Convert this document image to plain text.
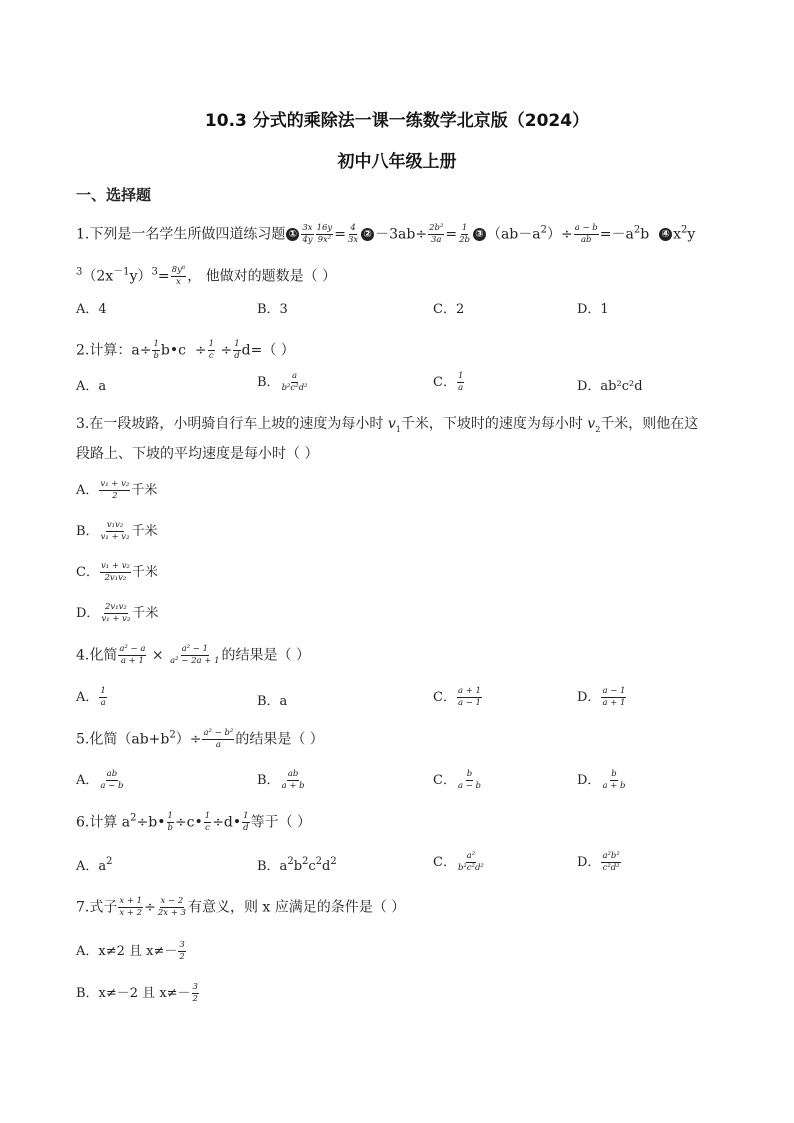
10.3 分式的乘除法一课一练数学北京版（2024）
初中八年级上册
一、选择题
1.下列是一名学生所做四道练习题 ① $\frac{3x}{4y} \frac{16y}{\text{9x²}} = \frac{4}{3x}$ ② $-3ab\div \frac{\text{2b²}}{3a} = \frac{1}{2b}$ ③ $(ab-a^2)\div \frac{a - b}{ab} =-a^2b$ ④ $x^2y$
$^3(2x^{-1}y)^3= \frac{\text{8y⁶}}{x}$ ， 他做对的题数是（ ）
A．4	B．3	C．2	D．1
2.计算：$a\div \frac{1}{b}$ b•c ÷ $\frac{1}{c} \div \frac{1}{d} d=$（ ）
A．a	B． $\frac{a}{\text{b²c²d²}}$	C． $\frac{1}{a}$	D．ab²c²d
3.在一段坡路，小明骑自行车上坡的速度为每小时 $v_1$千米，下坡时的速度为每小时 $v_2$千米，则他在这
段路上、下坡的平均速度是每小时（ ）
A． $\frac{\text{v₁ + v₂}}{2}$ 千米
B． $\frac{\text{v₁v₂}}{\text{v₁ + v₂}}$ 千米
C． $\frac{\text{v₁ + v₂}}{\text{2v₁v₂}}$ 千米
D． $\frac{\text{2v₁v₂}}{\text{v₁ + v₂}}$ 千米
4.化简 $\frac{\text{a² − a}}{a + 1} \times \frac{\text{a² − 1}}{\text{a² − 2a + 1}}$ 的结果是（ ）
A． $\frac{1}{a}$	B．a	C． $\frac{a + 1}{a - 1}$	D． $\frac{a - 1}{a + 1}$
5.化简$(ab+b^2)\div \frac{\text{a² − b²}}{a}$ 的结果是（ ）
A． $\frac{ab}{a - b}$	B． $\frac{ab}{a + b}$	C． $\frac{b}{a - b}$	D． $\frac{b}{a + b}$
6.计算 $a^2\div b• \frac{1}{b}$ ÷c• $\frac{1}{c}$ ÷d• $\frac{1}{d}$ 等于（ ）
A．$a^2$	B．$a^2b^2c^2d^2$	C． $\frac{\text{a²}}{\text{b²c²d²}}$	D． $\frac{\text{a²b²}}{\text{c²d²}}$
7.式子 $\frac{x + 1}{x + 2} \div \frac{x - 2}{2x + 3}$ 有意义，则 x 应满足的条件是（ ）
A．x≠2 且 $x\ne- \frac{3}{2}$
B．x≠－2 且 $x\ne- \frac{3}{2}$
